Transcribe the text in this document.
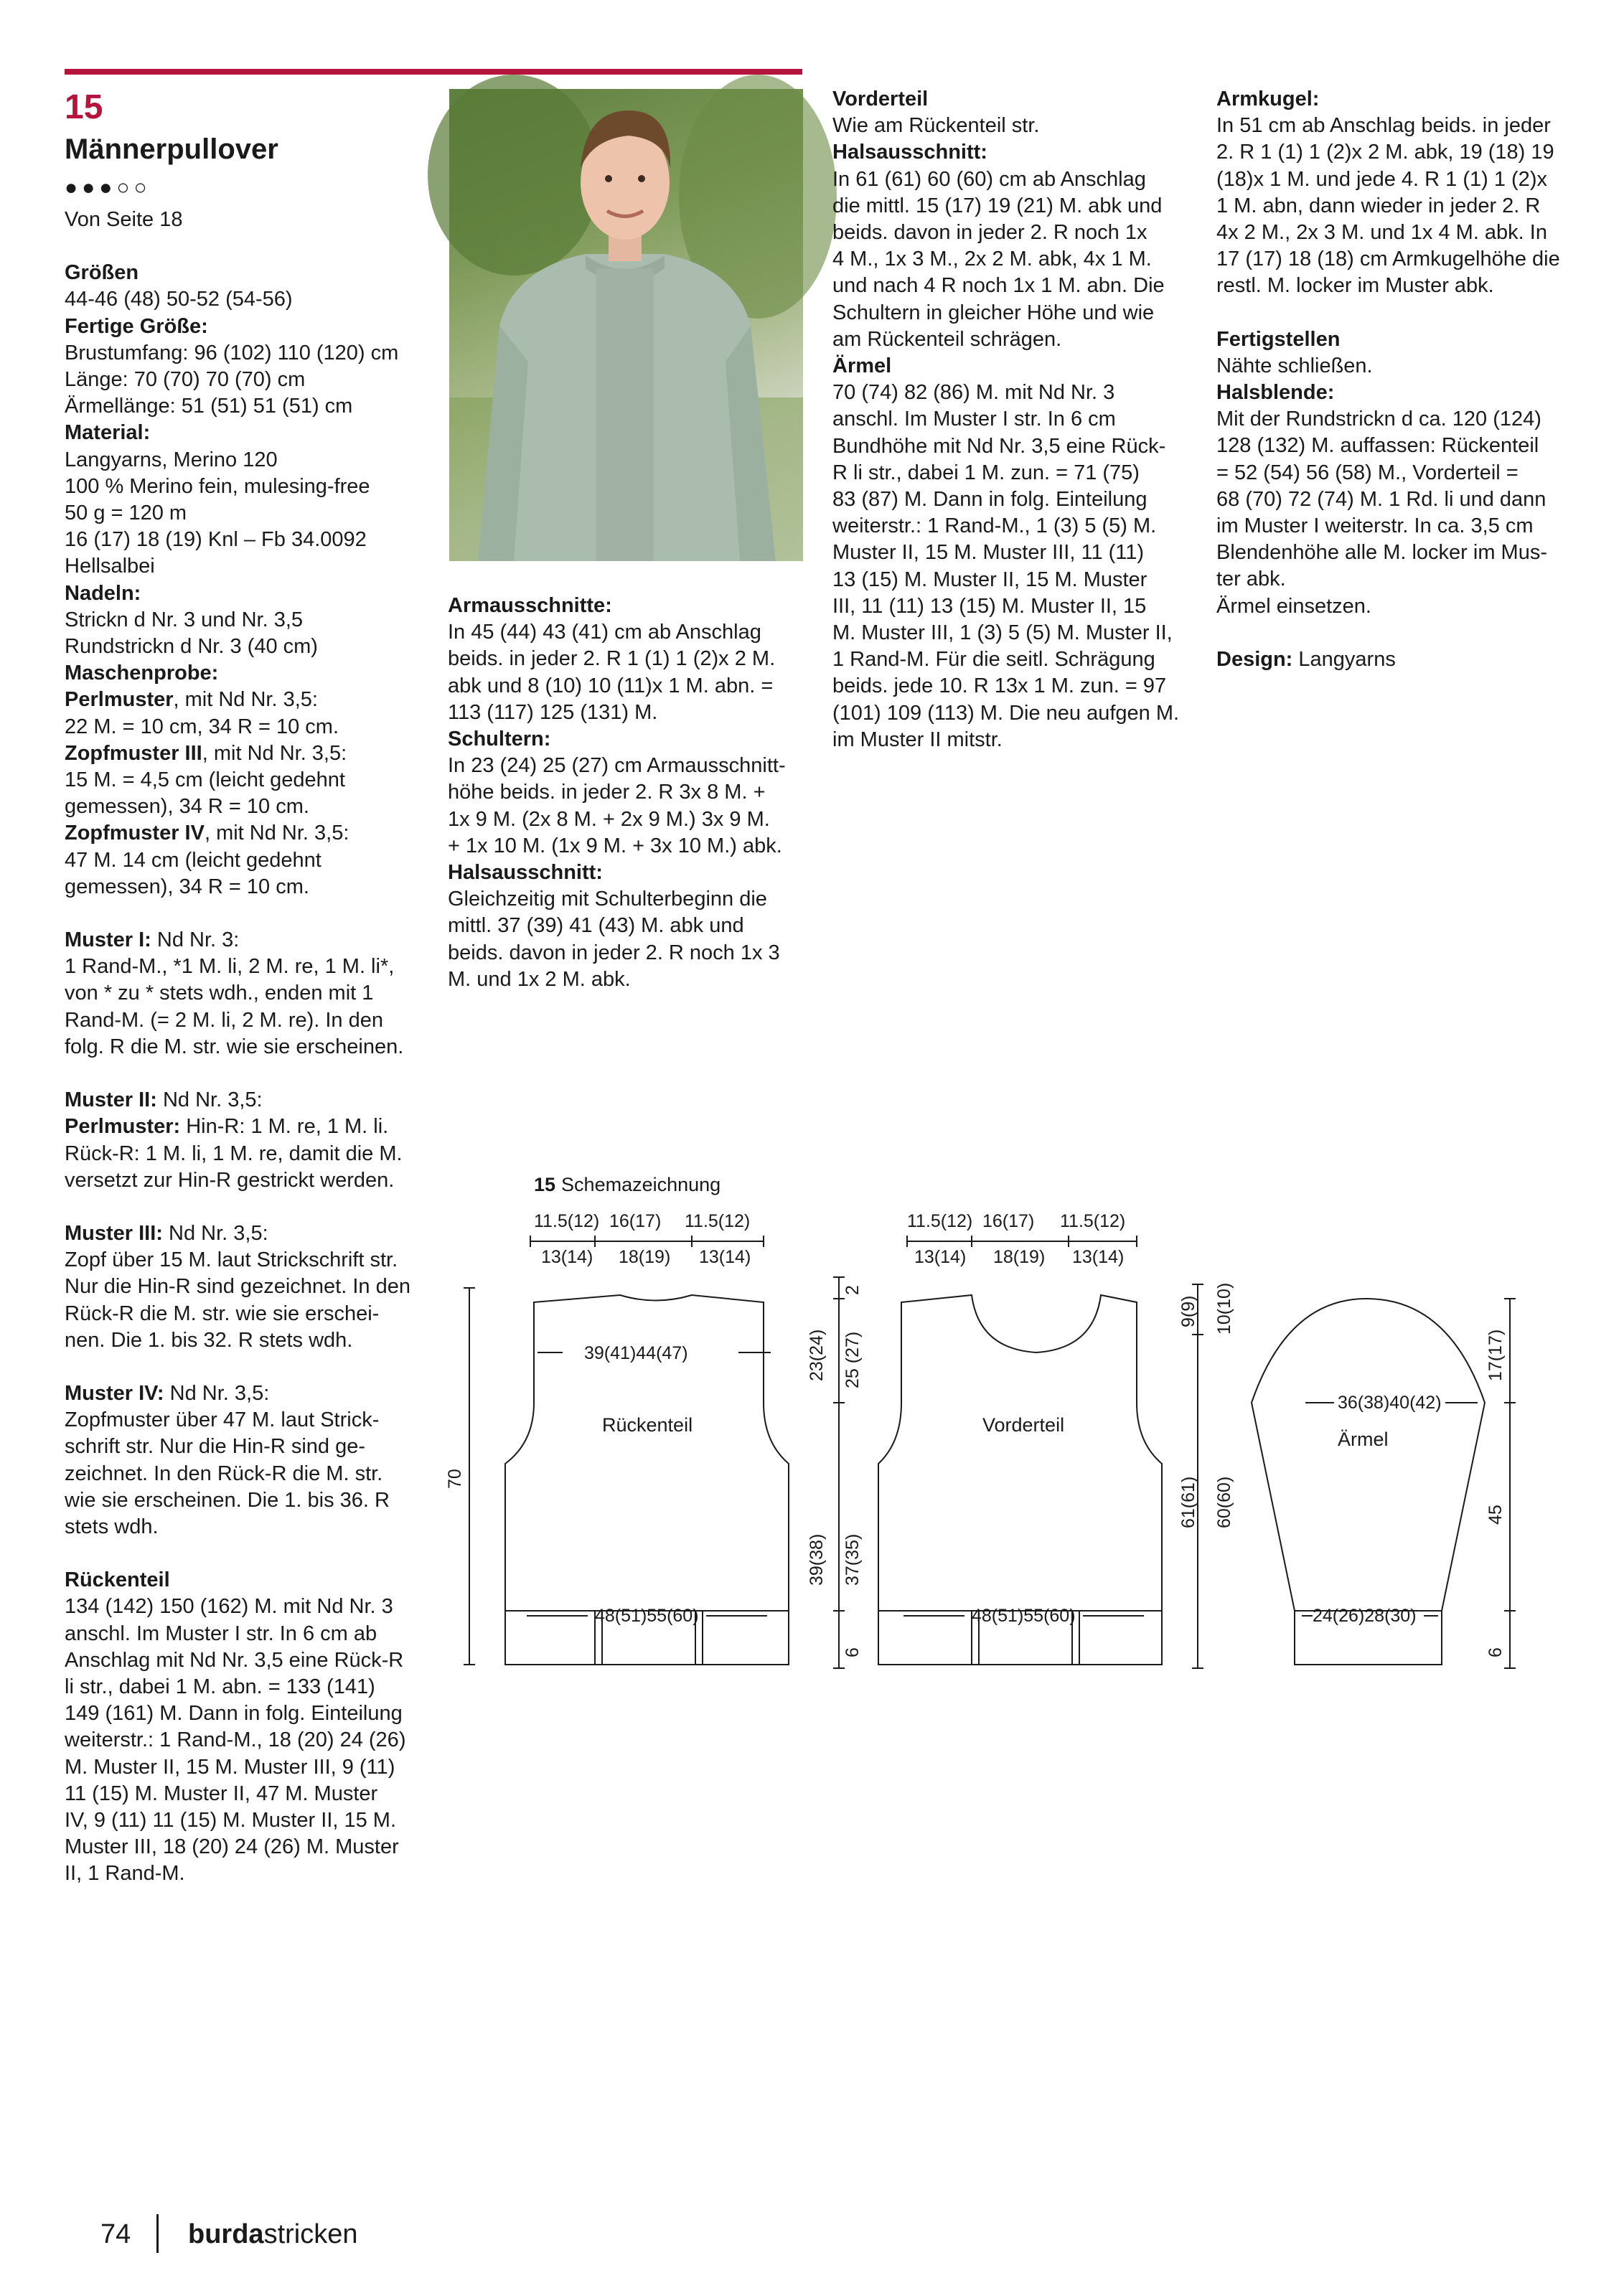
15
Männerpullover
●●●○○

Von Seite 18

Größen

44-46 (48) 50-52 (54-56)

Fertige Größe:

Brustumfang: 96 (102) 110 (120) cm

Länge: 70 (70) 70 (70) cm

Ärmellänge: 51 (51) 51 (51) cm

Material:

Langyarns, Merino 120

100 % Merino fein, mulesing-free

50 g = 120 m

16 (17) 18 (19) Knl – Fb 34.0092

Hellsalbei

Nadeln:

Strickn d Nr. 3 und Nr. 3,5

Rundstrickn d Nr. 3 (40 cm)

Maschenprobe:

Perlmuster, mit Nd Nr. 3,5:

22 M. = 10 cm, 34 R = 10 cm.

Zopfmuster III, mit Nd Nr. 3,5:

15 M. = 4,5 cm (leicht gedehnt

gemessen), 34 R = 10 cm.

Zopfmuster IV, mit Nd Nr. 3,5:

47 M. 14 cm (leicht gedehnt

gemessen), 34 R = 10 cm.

Muster I: Nd Nr. 3:

1 Rand-M., *1 M. li, 2 M. re, 1 M. li*,

von * zu * stets wdh., enden mit 1

Rand-M. (= 2 M. li, 2 M. re). In den

folg. R die M. str. wie sie erscheinen.

Muster II: Nd Nr. 3,5:

Perlmuster: Hin-R: 1 M. re, 1 M. li.

Rück-R: 1 M. li, 1 M. re, damit die M.

versetzt zur Hin-R gestrickt werden.

Muster III: Nd Nr. 3,5:

Zopf über 15 M. laut Strickschrift str.

Nur die Hin-R sind gezeichnet. In den

Rück-R die M. str. wie sie erschei-

nen. Die 1. bis 32. R stets wdh.

Muster IV: Nd Nr. 3,5:

Zopfmuster über 47 M. laut Strick-

schrift str. Nur die Hin-R sind ge-

zeichnet. In den Rück-R die M. str.

wie sie erscheinen. Die 1. bis 36. R

stets wdh.

Rückenteil

134 (142) 150 (162) M. mit Nd Nr. 3

anschl. Im Muster I str. In 6 cm ab

Anschlag mit Nd Nr. 3,5 eine Rück-R

li str., dabei 1 M. abn. = 133 (141)

149 (161) M. Dann in folg. Einteilung

weiterstr.: 1 Rand-M., 18 (20) 24 (26)

M. Muster II, 15 M. Muster III, 9 (11)

11 (15) M. Muster II, 47 M. Muster

IV, 9 (11) 11 (15) M. Muster II, 15 M.

Muster III, 18 (20) 24 (26) M. Muster

II, 1 Rand-M.

Armausschnitte:

In 45 (44) 43 (41) cm ab Anschlag

beids. in jeder 2. R 1 (1) 1 (2)x 2 M.

abk und 8 (10) 10 (11)x 1 M. abn. =

113 (117) 125 (131) M.

Schultern:

In 23 (24) 25 (27) cm Armausschnitt-

höhe beids. in jeder 2. R 3x 8 M. +

1x 9 M. (2x 8 M. + 2x 9 M.) 3x 9 M.

+ 1x 10 M. (1x 9 M. + 3x 10 M.) abk.

Halsausschnitt:

Gleichzeitig mit Schulterbeginn die

mittl. 37 (39) 41 (43) M. abk und

beids. davon in jeder 2. R noch 1x 3

M. und 1x 2 M. abk.

Vorderteil

Wie am Rückenteil str.

Halsausschnitt:

In 61 (61) 60 (60) cm ab Anschlag

die mittl. 15 (17) 19 (21) M. abk und

beids. davon in jeder 2. R noch 1x

4 M., 1x 3 M., 2x 2 M. abk, 4x 1 M.

und nach 4 R noch 1x 1 M. abn. Die

Schultern in gleicher Höhe und wie

am Rückenteil schrägen.

Ärmel

70 (74) 82 (86) M. mit Nd Nr. 3

anschl. Im Muster I str. In 6 cm

Bundhöhe mit Nd Nr. 3,5 eine Rück-

R li str., dabei 1 M. zun. = 71 (75)

83 (87) M. Dann in folg. Einteilung

weiterstr.: 1 Rand-M., 1 (3) 5 (5) M.

Muster II, 15 M. Muster III, 11 (11)

13 (15) M. Muster II, 15 M. Muster

III, 11 (11) 13 (15) M. Muster II, 15

M. Muster III, 1 (3) 5 (5) M. Muster II,

1 Rand-M. Für die seitl. Schrägung

beids. jede 10. R 13x 1 M. zun. = 97

(101) 109 (113) M. Die neu aufgen M.

im Muster II mitstr.

Armkugel:

In 51 cm ab Anschlag beids. in jeder

2. R 1 (1) 1 (2)x 2 M. abk, 19 (18) 19

(18)x 1 M. und jede 4. R 1 (1) 1 (2)x

1 M. abn, dann wieder in jeder 2. R

4x 2 M., 2x 3 M. und 1x 4 M. abk. In

17 (17) 18 (18) cm Armkugelhöhe die

restl. M. locker im Muster abk.

Fertigstellen

Nähte schließen.

Halsblende:

Mit der Rundstrickn d ca. 120 (124)

128 (132) M. auffassen: Rückenteil

= 52 (54) 56 (58) M., Vorderteil =

68 (70) 72 (74) M. 1 Rd. li und dann

im Muster I weiterstr. In ca. 3,5 cm

Blendenhöhe alle M. locker im Mus-

ter abk.

Ärmel einsetzen.

Design: Langyarns

15 Schemazeichnung
11.5(12) 16(17) 11.5(12)
13(14) 18(19) 13(14)
39(41)44(47)
Rückenteil
48(51)55(60)
70
23(24) 25 (27)
2
39(38) 37(35)
6
11.5(12) 16(17) 11.5(12)
13(14) 18(19) 13(14)
Vorderteil
48(51)55(60)
9(9) 10(10)
61(61) 60(60)
36(38)40(42)
Ärmel
24(26)28(30)
17(17)
45
6
74 burdastricken
